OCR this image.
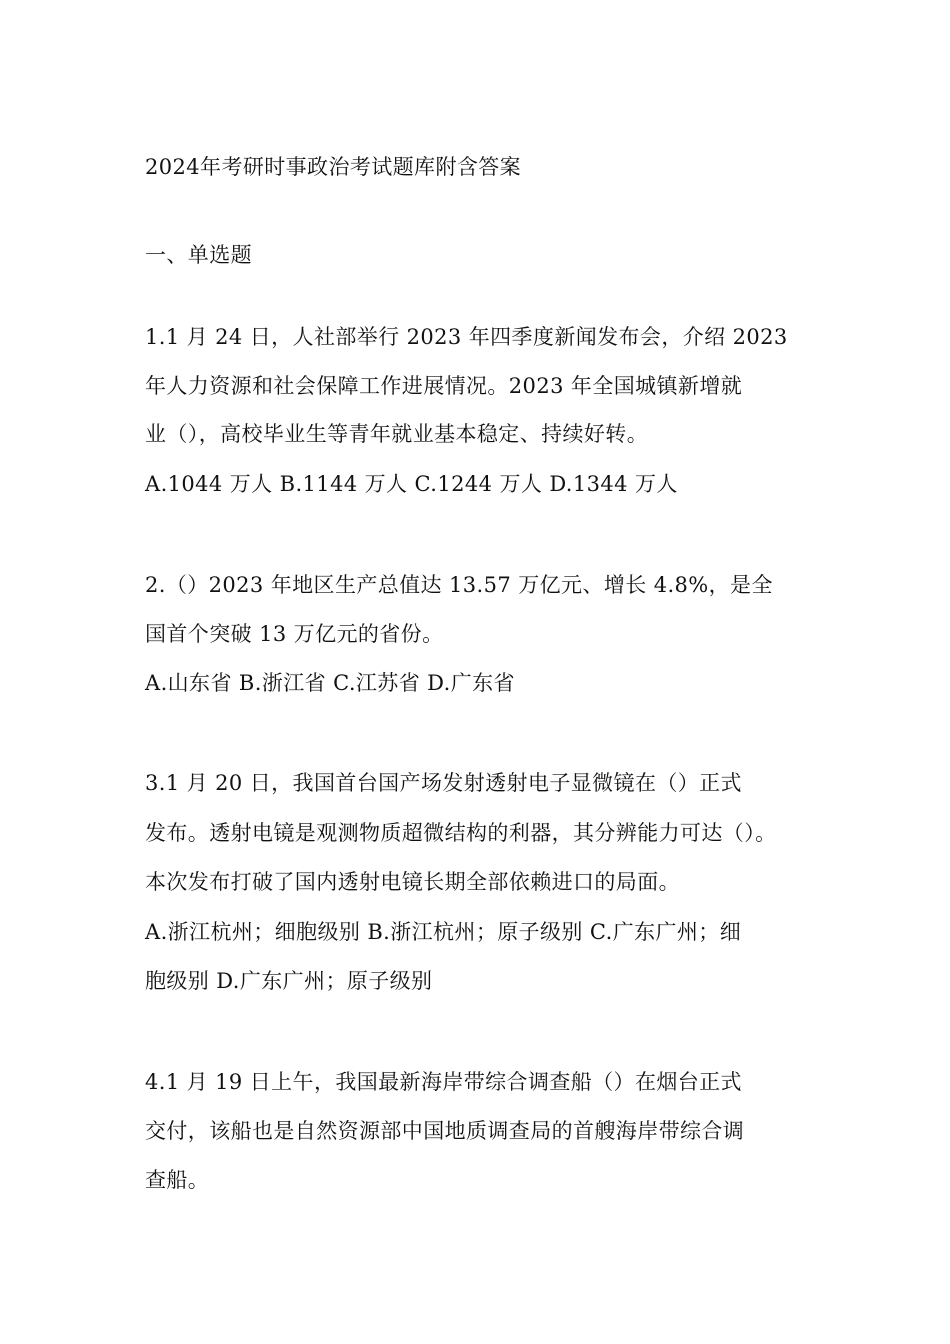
2024年考研时事政治考试题库附含答案
一、单选题
1.1 月 24 日，人社部举行 2023 年四季度新闻发布会，介绍 2023
年人力资源和社会保障工作进展情况。2023 年全国城镇新增就
业（），高校毕业生等青年就业基本稳定、持续好转。
A.1044 万人 B.1144 万人 C.1244 万人 D.1344 万人
2.（）2023 年地区生产总值达 13.57 万亿元、增长 4.8%，是全
国首个突破 13 万亿元的省份。
A.山东省 B.浙江省 C.江苏省 D.广东省
3.1 月 20 日，我国首台国产场发射透射电子显微镜在（）正式
发布。透射电镜是观测物质超微结构的利器，其分辨能力可达（）。
本次发布打破了国内透射电镜长期全部依赖进口的局面。
A.浙江杭州；细胞级别 B.浙江杭州；原子级别 C.广东广州；细
胞级别 D.广东广州；原子级别
4.1 月 19 日上午，我国最新海岸带综合调查船（）在烟台正式
交付，该船也是自然资源部中国地质调查局的首艘海岸带综合调
查船。
